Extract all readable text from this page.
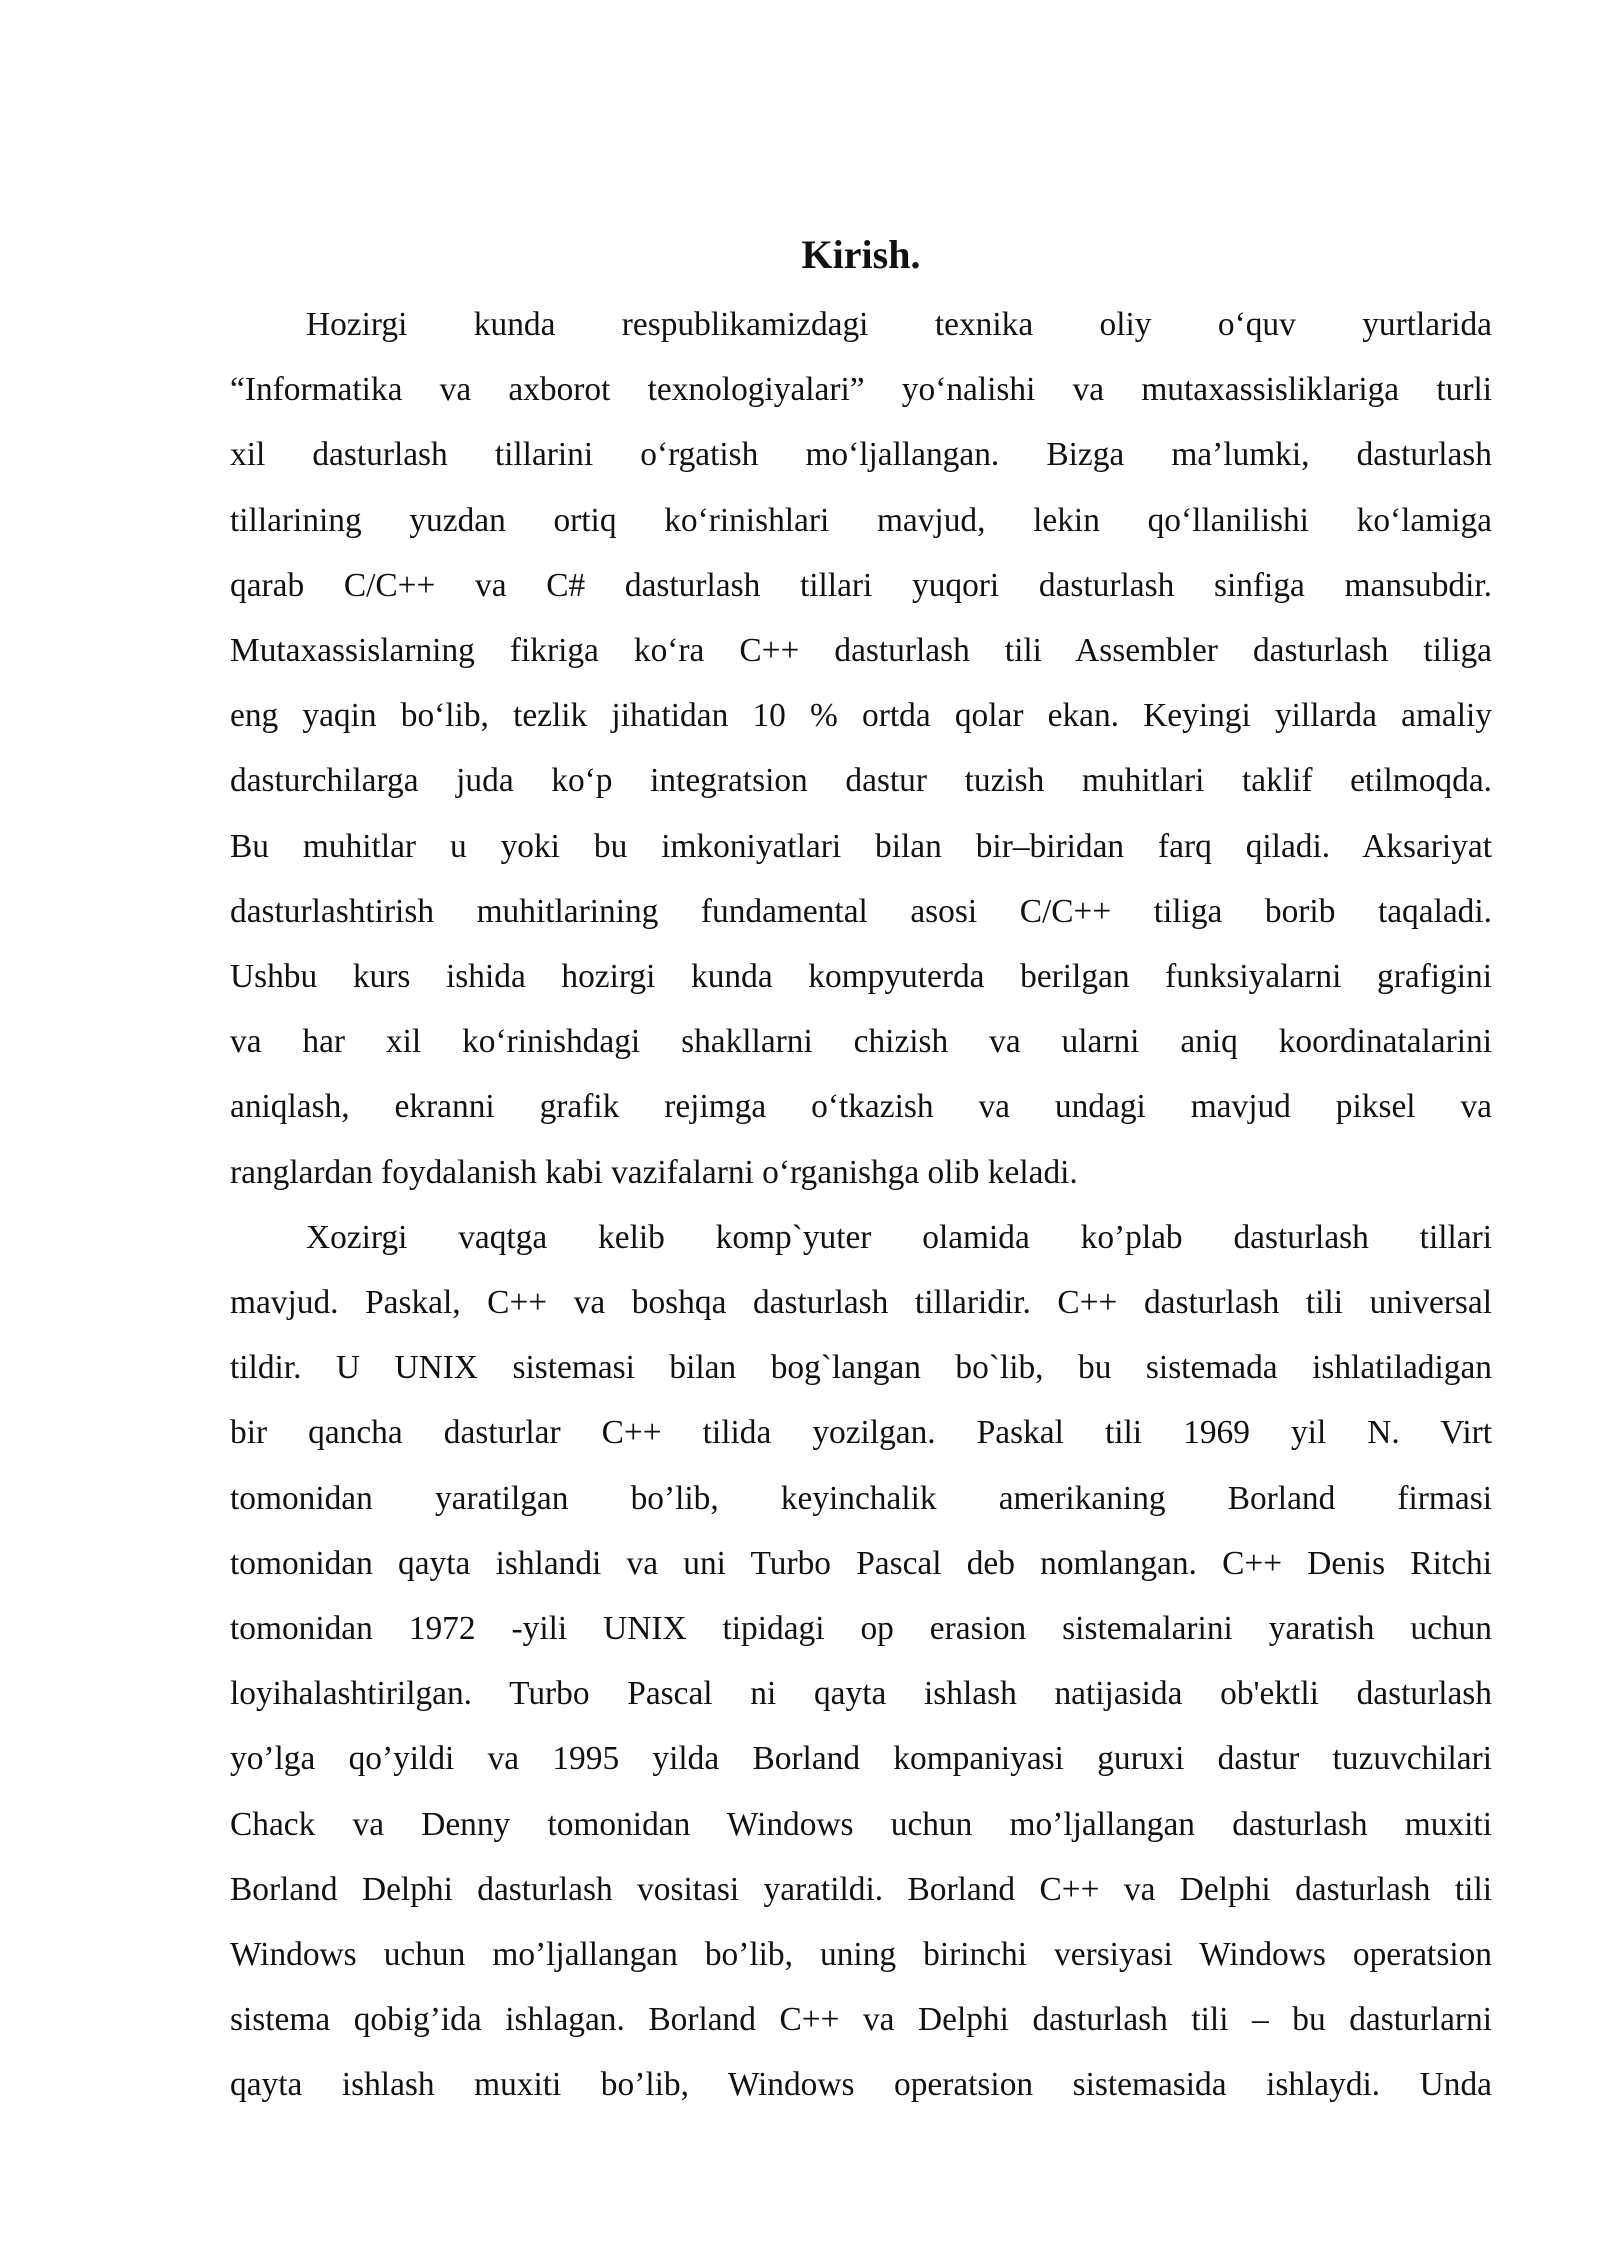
Kirish.

Hozirgi kunda respublikamizdagi texnika oliy o‘quv yurtlarida
“Informatika va axborot texnologiyalari” yo‘nalishi va mutaxassisliklariga turli
xil dasturlash tillarini o‘rgatish mo‘ljallangan. Bizga ma’lumki, dasturlash
tillarining yuzdan ortiq ko‘rinishlari mavjud, lekin qo‘llanilishi ko‘lamiga
qarab C/C++ va C# dasturlash tillari yuqori dasturlash sinfiga mansubdir.
Mutaxassislarning fikriga ko‘ra C++ dasturlash tili Assembler dasturlash tiliga
eng yaqin bo‘lib, tezlik jihatidan 10 % ortda qolar ekan. Keyingi yillarda amaliy
dasturchilarga juda ko‘p integratsion dastur tuzish muhitlari taklif etilmoqda.
Bu muhitlar u yoki bu imkoniyatlari bilan bir–biridan farq qiladi. Aksariyat
dasturlashtirish muhitlarining fundamental asosi C/C++ tiliga borib taqaladi.
Ushbu kurs ishida hozirgi kunda kompyuterda berilgan funksiyalarni grafigini
va har xil ko‘rinishdagi shakllarni chizish va ularni aniq koordinatalarini
aniqlash, ekranni grafik rejimga o‘tkazish va undagi mavjud piksel va
ranglardan foydalanish kabi vazifalarni o‘rganishga olib keladi.

Xozirgi vaqtga kelib komp`yuter olamida ko’plab dasturlash tillari
mavjud. Paskal, C++ va boshqa dasturlash tillaridir. C++ dasturlash tili universal
tildir. U UNIX sistemasi bilan bog`langan bo`lib, bu sistemada ishlatiladigan
bir qancha dasturlar C++ tilida yozilgan. Paskal tili 1969 yil N. Virt
tomonidan yaratilgan bo’lib, keyinchalik amerikaning Borland firmasi
tomonidan qayta ishlandi va uni Turbo Pascal deb nomlangan. C++ Denis Ritchi
tomonidan 1972 -yili UNIX tipidagi op erasion sistemalarini yaratish uchun
loyihalashtirilgan. Turbo Pascal ni qayta ishlash natijasida ob'ektli dasturlash
yo’lga qo’yildi va 1995 yilda Borland kompaniyasi guruxi dastur tuzuvchilari
Chack va Denny tomonidan Windows uchun mo’ljallangan dasturlash muxiti
Borland Delphi dasturlash vositasi yaratildi. Borland C++ va Delphi dasturlash tili
Windows uchun mo’ljallangan bo’lib, uning birinchi versiyasi Windows operatsion
sistema qobig’ida ishlagan. Borland C++ va Delphi dasturlash tili – bu dasturlarni
qayta ishlash muxiti bo’lib, Windows operatsion sistemasida ishlaydi. Unda
